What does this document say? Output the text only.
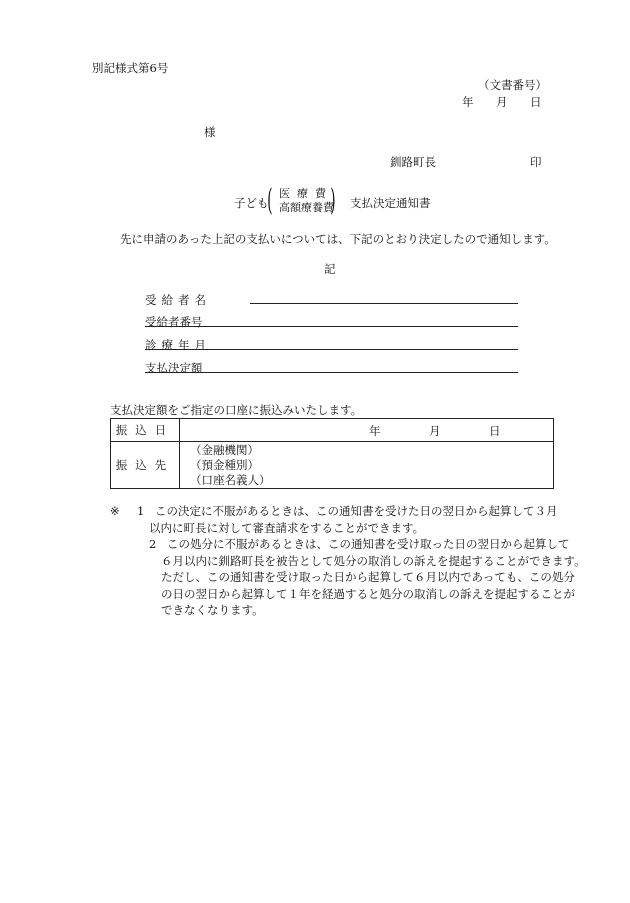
別記様式第6号
（文書番号）
年 月 日
様
釧路町長	印
子ども
( 医療費
高額療養費
) 支払決定通知書
先に申請のあった上記の支払いについては、下記のとおり決定したので通知します。
記
受給者名
受給者番号
診療年月
支払決定額
支払決定額をご指定の口座に振込みいたします。
振込日	年 月 日

振込先	（金融機関）
（預金種別）
（口座名義人）
※ 1 この決定に不服があるときは、この通知書を受けた日の翌日から起算して３月
以内に町長に対して審査請求をすることができます。
2 この処分に不服があるときは、この通知書を受け取った日の翌日から起算して
６月以内に釧路町長を被告として処分の取消しの訴えを提起することができます。
ただし、この通知書を受け取った日から起算して６月以内であっても、この処分
の日の翌日から起算して１年を経過すると処分の取消しの訴えを提起することが
できなくなります。
